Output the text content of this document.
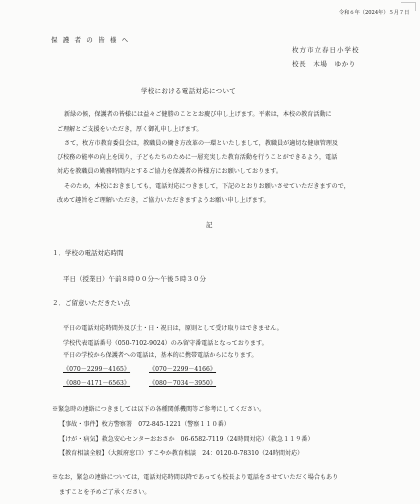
令和６年（2024年）５月７日
保 護 者 の 皆 様 へ
枚方市立春日小学校
校長　木場　ゆかり
学校における電話対応について
新緑の候，保護者の皆様には益々ご健勝のこととお慶び申し上げます。平素は，本校の教育活動に
ご理解とご支援をいただき，厚く御礼申し上げます。
さて，枚方市教育委員会は，教職員の働き方改革の一環といたしまして，教職員が適切な健康管理及
び校務の能率の向上を図り，子どもたちのために一層充実した教育活動を行うことができるよう，電話
対応を教職員の勤務時間内とするご協力を保護者の皆様方にお願いしております。
そのため，本校におきましても，電話対応につきまして，下記のとおりお願いさせていただきますので，
改めて趣旨をご理解いただき，ご協力いただきますようお願い申し上げます。
記
１．学校の電話対応時間
平日（授業日）午前８時００分～午後５時３０分
２．ご留意いただきたい点
平日の電話対応時間外及び土・日・祝日は，原則として受け取りはできません。
学校代表電話番号（050-7102-9024）のみ留守番電話となっております。
平日の学校から保護者への電話は，基本的に携帯電話からになります。
《070－2299－4165》	《070－2299－4166》
《080－4171－6563》	《080－7034－3950》
※緊急時の連絡につきましては以下の各種関係機関等ご参考にしてください。
【事故・事件】枚方警察署　072-845-1221（警察１１０番）
【けが・病気】救急安心センターおおさか　06-6582-7119（24時間対応）（救急１１９番）
【教育相談全般】（大阪府窓口）すこやか教育相談　24：0120-0-78310（24時間対応）
※なお，緊急の連絡については，電話対応時間以降であっても校長より電話をさせていただく場合もあり
ますことを予めご了承ください。
